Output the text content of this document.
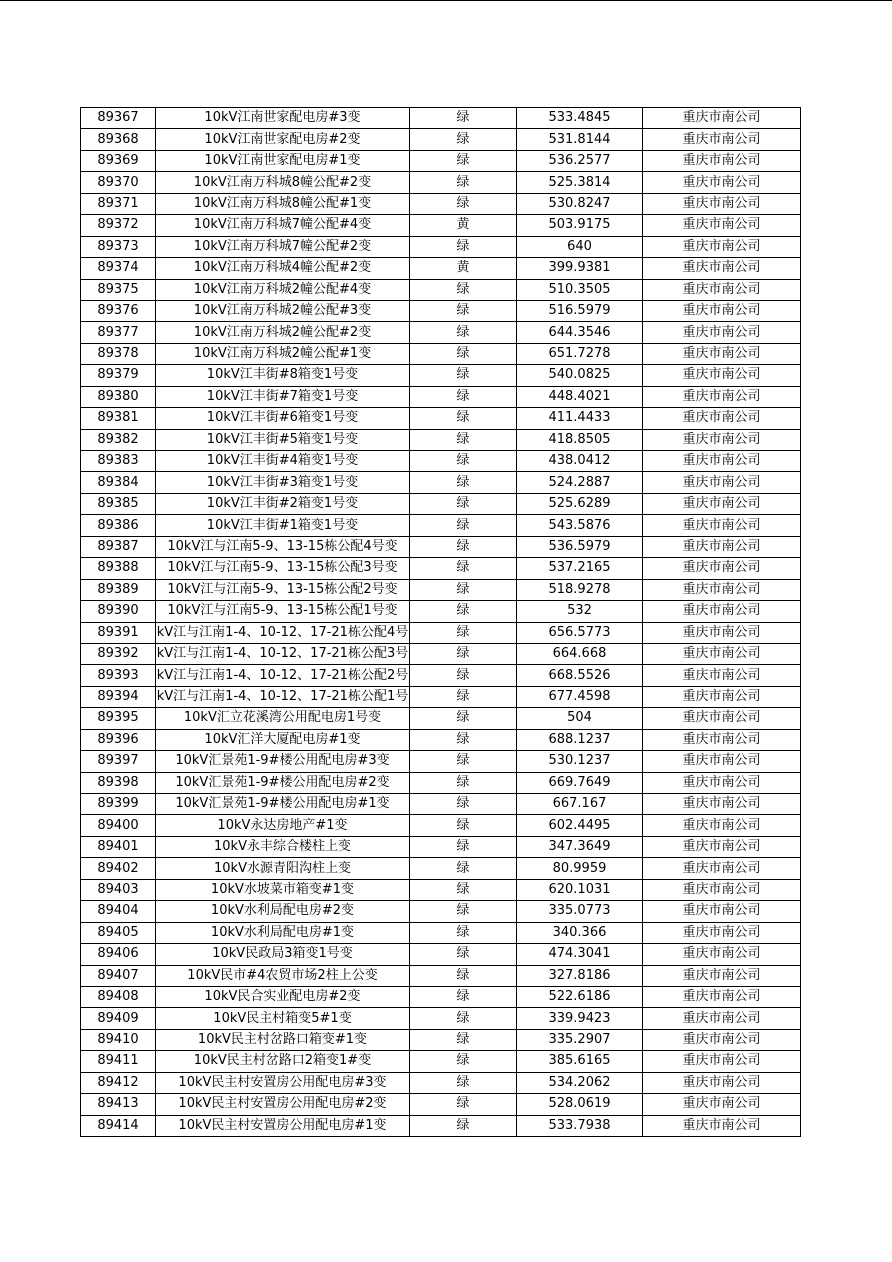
89367	10kV江南世家配电房#3变	绿	533.4845	重庆市南公司
89368	10kV江南世家配电房#2变	绿	531.8144	重庆市南公司
89369	10kV江南世家配电房#1变	绿	536.2577	重庆市南公司
89370	10kV江南万科城8幢公配#2变	绿	525.3814	重庆市南公司
89371	10kV江南万科城8幢公配#1变	绿	530.8247	重庆市南公司
89372	10kV江南万科城7幢公配#4变	黄	503.9175	重庆市南公司
89373	10kV江南万科城7幢公配#2变	绿	640	重庆市南公司
89374	10kV江南万科城4幢公配#2变	黄	399.9381	重庆市南公司
89375	10kV江南万科城2幢公配#4变	绿	510.3505	重庆市南公司
89376	10kV江南万科城2幢公配#3变	绿	516.5979	重庆市南公司
89377	10kV江南万科城2幢公配#2变	绿	644.3546	重庆市南公司
89378	10kV江南万科城2幢公配#1变	绿	651.7278	重庆市南公司
89379	10kV江丰街#8箱变1号变	绿	540.0825	重庆市南公司
89380	10kV江丰街#7箱变1号变	绿	448.4021	重庆市南公司
89381	10kV江丰街#6箱变1号变	绿	411.4433	重庆市南公司
89382	10kV江丰街#5箱变1号变	绿	418.8505	重庆市南公司
89383	10kV江丰街#4箱变1号变	绿	438.0412	重庆市南公司
89384	10kV江丰街#3箱变1号变	绿	524.2887	重庆市南公司
89385	10kV江丰街#2箱变1号变	绿	525.6289	重庆市南公司
89386	10kV江丰街#1箱变1号变	绿	543.5876	重庆市南公司
89387	10kV江与江南5-9、13-15栋公配4号变	绿	536.5979	重庆市南公司
89388	10kV江与江南5-9、13-15栋公配3号变	绿	537.2165	重庆市南公司
89389	10kV江与江南5-9、13-15栋公配2号变	绿	518.9278	重庆市南公司
89390	10kV江与江南5-9、13-15栋公配1号变	绿	532	重庆市南公司
89391	kV江与江南1-4、10-12、17-21栋公配4号	绿	656.5773	重庆市南公司
89392	kV江与江南1-4、10-12、17-21栋公配3号	绿	664.668	重庆市南公司
89393	kV江与江南1-4、10-12、17-21栋公配2号	绿	668.5526	重庆市南公司
89394	kV江与江南1-4、10-12、17-21栋公配1号	绿	677.4598	重庆市南公司
89395	10kV汇立花溪湾公用配电房1号变	绿	504	重庆市南公司
89396	10kV汇洋大厦配电房#1变	绿	688.1237	重庆市南公司
89397	10kV汇景苑1-9#楼公用配电房#3变	绿	530.1237	重庆市南公司
89398	10kV汇景苑1-9#楼公用配电房#2变	绿	669.7649	重庆市南公司
89399	10kV汇景苑1-9#楼公用配电房#1变	绿	667.167	重庆市南公司
89400	10kV永达房地产#1变	绿	602.4495	重庆市南公司
89401	10kV永丰综合楼柱上变	绿	347.3649	重庆市南公司
89402	10kV水源青阳沟柱上变	绿	80.9959	重庆市南公司
89403	10kV水坡菜市箱变#1变	绿	620.1031	重庆市南公司
89404	10kV水利局配电房#2变	绿	335.0773	重庆市南公司
89405	10kV水利局配电房#1变	绿	340.366	重庆市南公司
89406	10kV民政局3箱变1号变	绿	474.3041	重庆市南公司
89407	10kV民市#4农贸市场2柱上公变	绿	327.8186	重庆市南公司
89408	10kV民合实业配电房#2变	绿	522.6186	重庆市南公司
89409	10kV民主村箱变5#1变	绿	339.9423	重庆市南公司
89410	10kV民主村岔路口箱变#1变	绿	335.2907	重庆市南公司
89411	10kV民主村岔路口2箱变1#变	绿	385.6165	重庆市南公司
89412	10kV民主村安置房公用配电房#3变	绿	534.2062	重庆市南公司
89413	10kV民主村安置房公用配电房#2变	绿	528.0619	重庆市南公司
89414	10kV民主村安置房公用配电房#1变	绿	533.7938	重庆市南公司
